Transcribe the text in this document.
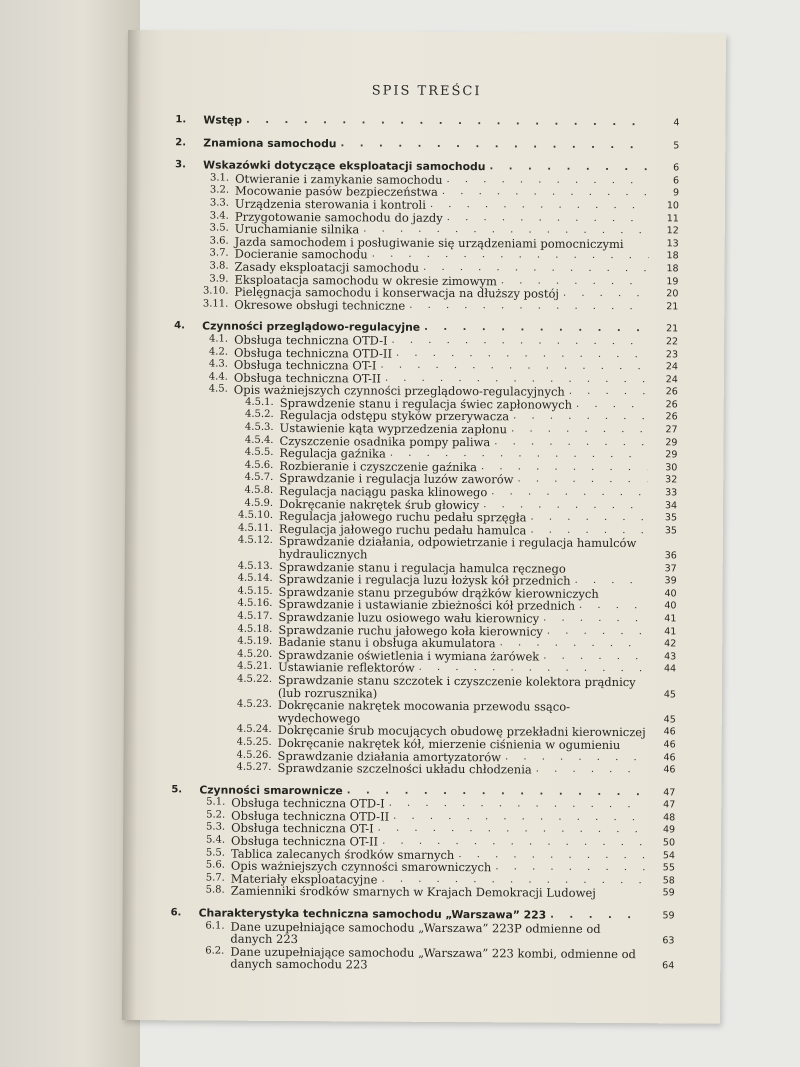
SPIS TREŚCI
1.	Wstęp . . .	4
2.	Znamiona samochodu . . .	5
3.	Wskazówki dotyczące eksploatacji samochodu . . .	6
3.1. Otwieranie i zamykanie samochodu . . .	6
3.2. Mocowanie pasów bezpieczeństwa . . .	9
3.3. Urządzenia sterowania i kontroli . . .	10
3.4. Przygotowanie samochodu do jazdy . . .	11
3.5. Uruchamianie silnika . . .	12
3.6. Jazda samochodem i posługiwanie się urządzeniami pomocniczymi	13
3.7. Docieranie samochodu . . .	18
3.8. Zasady eksploatacji samochodu . . .	18
3.9. Eksploatacja samochodu w okresie zimowym . . .	19
3.10. Pielęgnacja samochodu i konserwacja na dłuższy postój . . .	20
3.11. Okresowe obsługi techniczne . . .	21
4.	Czynności przeglądowo-regulacyjne . . .	21
4.1. Obsługa techniczna OTD-I . . .	22
4.2. Obsługa techniczna OTD-II . . .	23
4.3. Obsługa techniczna OT-I . . .	24
4.4. Obsługa techniczna OT-II . . .	24
4.5. Opis ważniejszych czynności przeglądowo-regulacyjnych . . .	26
4.5.1. Sprawdzenie stanu i regulacja świec zapłonowych . . .	26
4.5.2. Regulacja odstępu styków przerywacza . . .	26
4.5.3. Ustawienie kąta wyprzedzenia zapłonu . . .	27
4.5.4. Czyszczenie osadnika pompy paliwa . . .	29
4.5.5. Regulacja gaźnika . . .	29
4.5.6. Rozbieranie i czyszczenie gaźnika . . .	30
4.5.7. Sprawdzanie i regulacja luzów zaworów . . .	32
4.5.8. Regulacja naciągu paska klinowego . . .	33
4.5.9. Dokręcanie nakrętek śrub głowicy . . .	34
4.5.10. Regulacja jałowego ruchu pedału sprzęgła . . .	35
4.5.11. Regulacja jałowego ruchu pedału hamulca . . .	35
4.5.12. Sprawdzanie działania, odpowietrzanie i regulacja hamulców hydraulicznych	36
4.5.13. Sprawdzanie stanu i regulacja hamulca ręcznego	37
4.5.14. Sprawdzanie i regulacja luzu łożysk kół przednich . . .	39
4.5.15. Sprawdzanie stanu przegubów drążków kierowniczych	40
4.5.16. Sprawdzanie i ustawianie zbieżności kół przednich . . .	40
4.5.17. Sprawdzanie luzu osiowego wału kierownicy . . .	41
4.5.18. Sprawdzanie ruchu jałowego koła kierownicy . . .	41
4.5.19. Badanie stanu i obsługa akumulatora . . .	42
4.5.20. Sprawdzanie oświetlenia i wymiana żarówek . . .	43
4.5.21. Ustawianie reflektorów . . .	44
4.5.22. Sprawdzanie stanu szczotek i czyszczenie kolektora prądnicy (lub rozrusznika)	45
4.5.23. Dokręcanie nakrętek mocowania przewodu ssąco-wydechowego	45
4.5.24. Dokręcanie śrub mocujących obudowę przekładni kierowniczej	46
4.5.25. Dokręcanie nakrętek kół, mierzenie ciśnienia w ogumieniu	46
4.5.26. Sprawdzanie działania amortyzatorów . . .	46
4.5.27. Sprawdzanie szczelności układu chłodzenia . . .	46
5.	Czynności smarownicze . . .	47
5.1. Obsługa techniczna OTD-I . . .	47
5.2. Obsługa techniczna OTD-II . . .	48
5.3. Obsługa techniczna OT-I . . .	49
5.4. Obsługa techniczna OT-II . . .	50
5.5. Tablica zalecanych środków smarnych . . .	54
5.6. Opis ważniejszych czynności smarowniczych . . .	55
5.7. Materiały eksploatacyjne . . .	58
5.8. Zamienniki środków smarnych w Krajach Demokracji Ludowej	59
6.	Charakterystyka techniczna samochodu „Warszawa” 223 . . .	59
6.1. Dane uzupełniające samochodu „Warszawa” 223P odmienne od danych 223	63
6.2. Dane uzupełniające samochodu „Warszawa” 223 kombi, odmienne od danych samochodu 223	64
